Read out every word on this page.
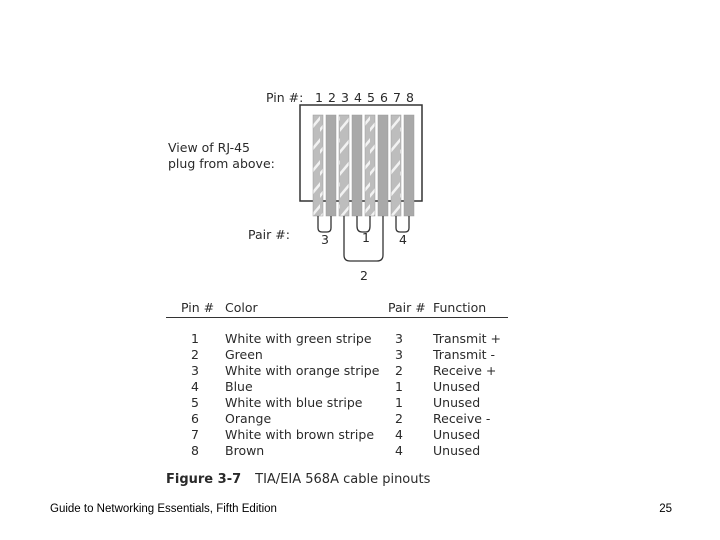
Pin #: 1 2 3 4 5 6 7 8
View of RJ-45
plug from above:
Pair #: 3	1 4
2
Pin # Color	Pair # Function
1	White with green stripe 3 Transmit +
2	Green	3 Transmit -
3	White with orange stripe 2 Receive +
4	Blue	1 Unused
5	White with blue stripe	1 Unused
6	Orange	2 Receive -
7	White with brown stripe 4 Unused
8	Brown	4 Unused
Figure 3-7 TIA/EIA 568A cable pinouts
Guide to Networking Essentials, Fifth Edition	25
